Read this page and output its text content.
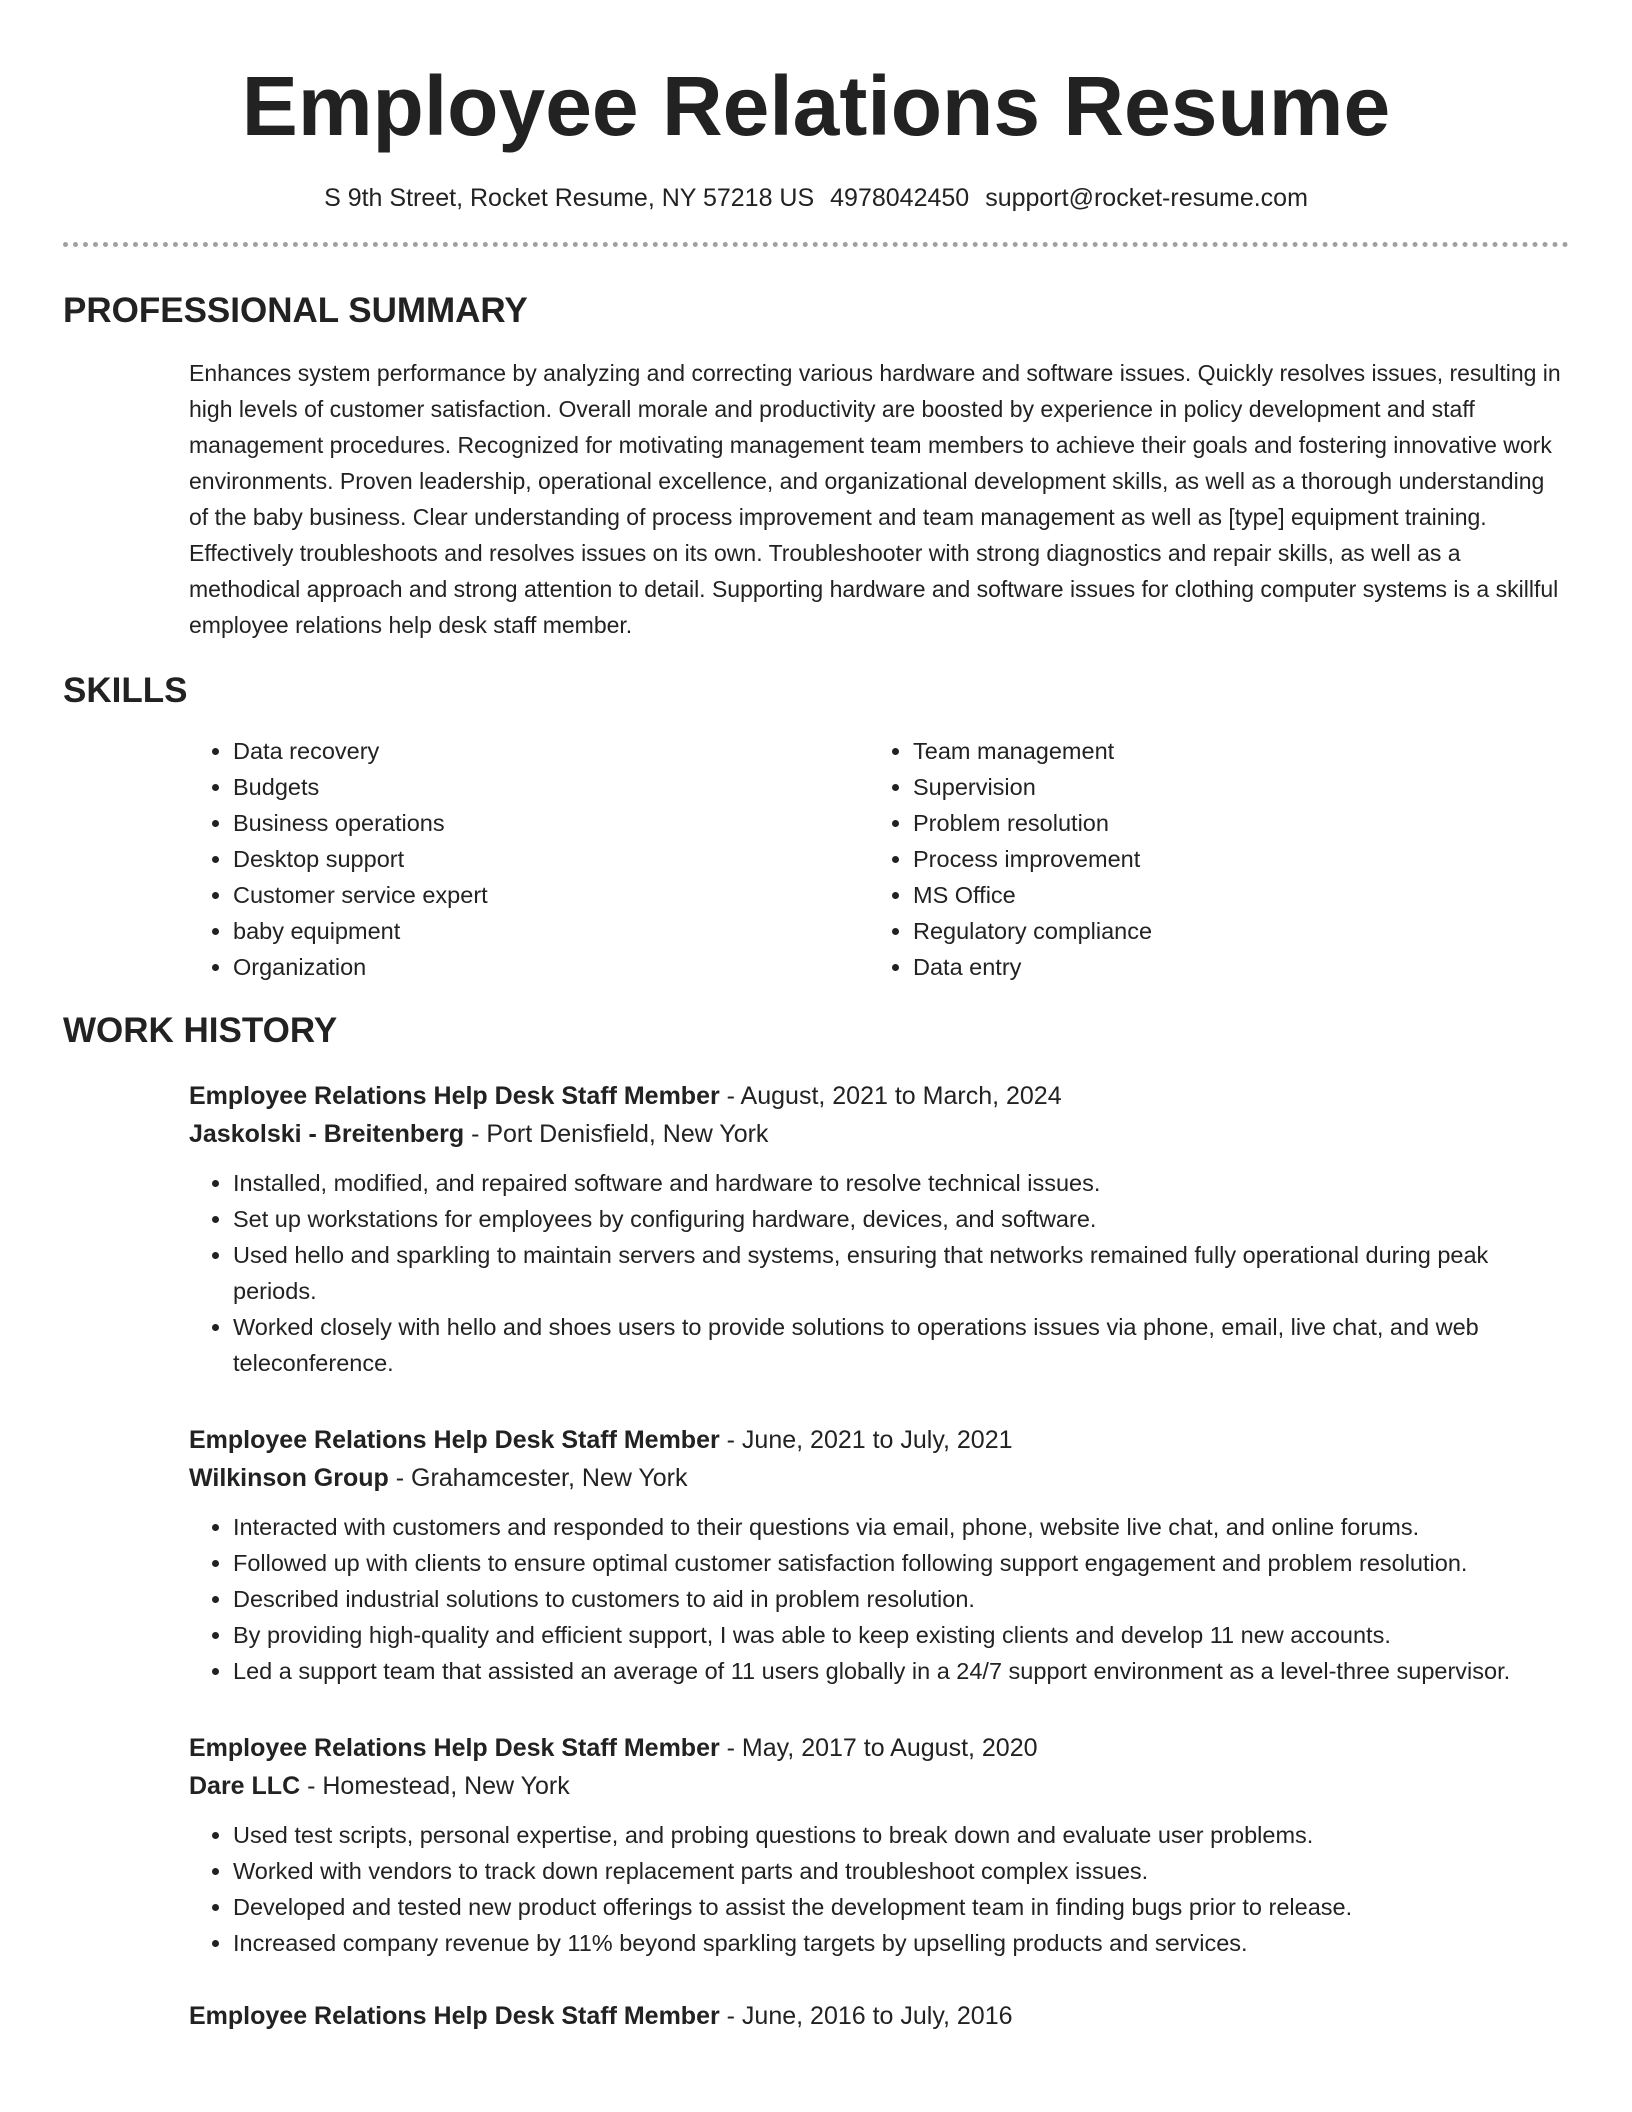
Employee Relations Resume
S 9th Street, Rocket Resume, NY 57218 US 4978042450 support@rocket-resume.com
PROFESSIONAL SUMMARY

Enhances system performance by analyzing and correcting various hardware and software issues. Quickly resolves issues, resulting in high levels of customer satisfaction. Overall morale and productivity are boosted by experience in policy development and staff management procedures. Recognized for motivating management team members to achieve their goals and fostering innovative work environments. Proven leadership, operational excellence, and organizational development skills, as well as a thorough understanding of the baby business. Clear understanding of process improvement and team management as well as [type] equipment training. Effectively troubleshoots and resolves issues on its own. Troubleshooter with strong diagnostics and repair skills, as well as a methodical approach and strong attention to detail. Supporting hardware and software issues for clothing computer systems is a skillful employee relations help desk staff member.

SKILLS
• Data recovery
• Budgets
• Business operations
• Desktop support
• Customer service expert
• baby equipment
• Organization
• Team management
• Supervision
• Problem resolution
• Process improvement
• MS Office
• Regulatory compliance
• Data entry
WORK HISTORY
Employee Relations Help Desk Staff Member - August, 2021 to March, 2024
Jaskolski - Breitenberg - Port Denisfield, New York
• Installed, modified, and repaired software and hardware to resolve technical issues.
• Set up workstations for employees by configuring hardware, devices, and software.
• Used hello and sparkling to maintain servers and systems, ensuring that networks remained fully operational during peak periods.
• Worked closely with hello and shoes users to provide solutions to operations issues via phone, email, live chat, and web teleconference.
Employee Relations Help Desk Staff Member - June, 2021 to July, 2021
Wilkinson Group - Grahamcester, New York
• Interacted with customers and responded to their questions via email, phone, website live chat, and online forums.
• Followed up with clients to ensure optimal customer satisfaction following support engagement and problem resolution.
• Described industrial solutions to customers to aid in problem resolution.
• By providing high-quality and efficient support, I was able to keep existing clients and develop 11 new accounts.
• Led a support team that assisted an average of 11 users globally in a 24/7 support environment as a level-three supervisor.
Employee Relations Help Desk Staff Member - May, 2017 to August, 2020
Dare LLC - Homestead, New York
• Used test scripts, personal expertise, and probing questions to break down and evaluate user problems.
• Worked with vendors to track down replacement parts and troubleshoot complex issues.
• Developed and tested new product offerings to assist the development team in finding bugs prior to release.
• Increased company revenue by 11% beyond sparkling targets by upselling products and services.
Employee Relations Help Desk Staff Member - June, 2016 to July, 2016
